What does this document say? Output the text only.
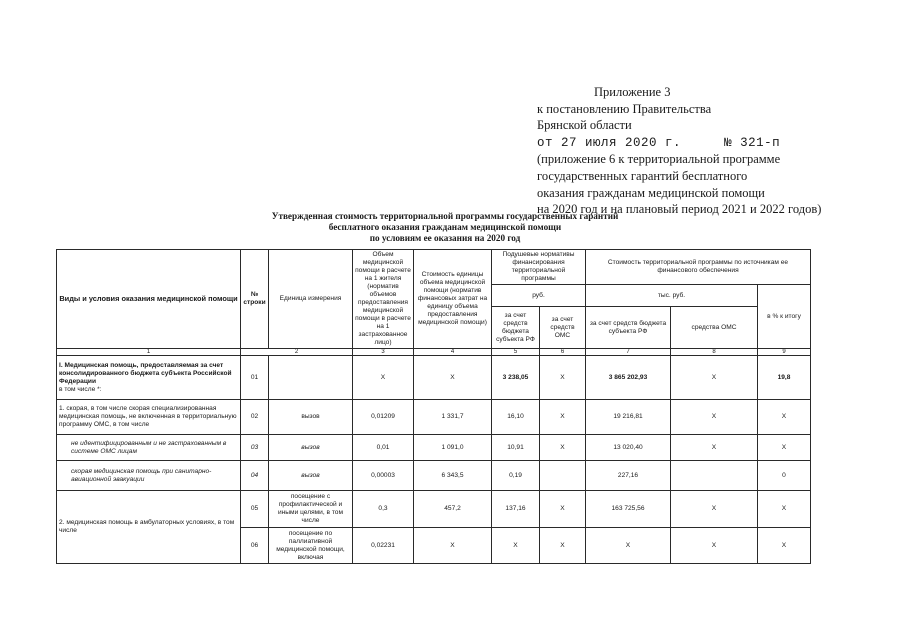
Приложение 3
к постановлению Правительства
Брянской области
от 27 июля 2020 г.	№ 321-п
(приложение 6 к территориальной программе
государственных гарантий бесплатного
оказания гражданам медицинской помощи
на 2020 год и на плановый период 2021 и 2022 годов)
Утвержденная стоимость территориальной программы государственных гарантий
бесплатного оказания гражданам медицинской помощи
по условиям ее оказания на 2020 год
Виды и условия оказания медицинской помощи	№ строки	Единица измерения	Объем медицинской помощи в расчете на 1 жителя (норматив объемов предоставления медицинской помощи в расчете на 1 застрахованное лицо)	Стоимость единицы объема медицинской помощи (норматив финансовых затрат на единицу объема предоставления медицинской помощи)	Подушевые нормативы финансирования территориальной программы		Стоимость территориальной программы по источникам ее финансового обеспечения		
					руб.		тыс. руб.		в % к итогу
					за счет средств бюджета субъекта РФ	за счет средств ОМС	за счет средств бюджета субъекта РФ	средства ОМС	
1	2		3	4	5	6	7	8	9
I. Медицинская помощь, предоставляемая за счет консолидированного бюджета субъекта Российской Федерации
в том числе *:	01		Х	Х	3 238,05	Х	3 865 202,93	Х	19,8
1. скорая, в том числе скорая специализированная медицинская помощь, не включенная в территориальную программу ОМС, в том числе	02	вызов	0,01209	1 331,7	16,10	Х	19 216,81	Х	Х
не идентифицированным и не застрахованным в системе ОМС лицам	03	вызов	0,01	1 091,0	10,91	Х	13 020,40	Х	Х
скорая медицинская помощь при санитарно-авиационной эвакуации	04	вызов	0,00003	6 343,5	0,19		227,16		0
2. медицинская помощь в амбулаторных условиях, в том числе	05	посещение с профилактической и иными целями, в том числе	0,3	457,2	137,16	Х	163 725,56	Х	Х
	06	посещение по паллиативной медицинской помощи, включая	0,02231	Х	Х	Х	Х	Х	Х
